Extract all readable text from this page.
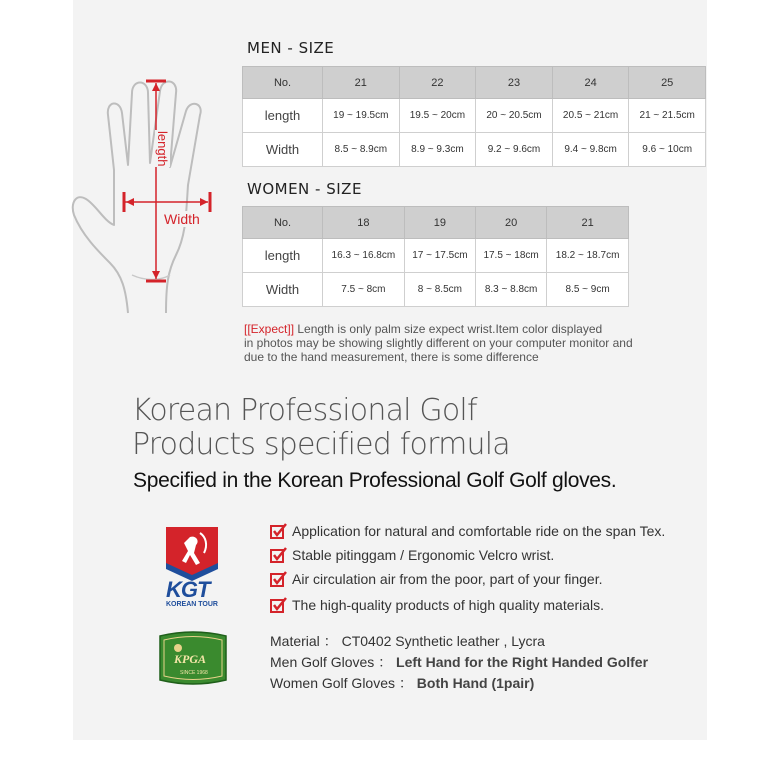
length
Width
MEN - SIZE
No.	21	22	23	24	25
length	19 ~ 19.5cm	19.5 ~ 20cm	20 ~ 20.5cm	20.5 ~ 21cm	21 ~ 21.5cm
Width	8.5 ~ 8.9cm	8.9 ~ 9.3cm	9.2 ~ 9.6cm	9.4 ~ 9.8cm	9.6 ~ 10cm
WOMEN - SIZE
No.	18	19	20	21
length	16.3 ~ 16.8cm	17 ~ 17.5cm	17.5 ~ 18cm	18.2 ~ 18.7cm
Width	7.5 ~ 8cm	8 ~ 8.5cm	8.3 ~ 8.8cm	8.5 ~ 9cm
[[Expect]] Length is only palm size expect wrist.Item color displayed
in photos may be showing slightly different on your computer monitor and
due to the hand measurement, there is some difference
Korean Professional Golf
Products specified formula
Specified in the Korean Professional Golf Golf gloves.
KGT
KOREAN TOUR
KPGA
SINCE 1968
Application for natural and comfortable ride on the span Tex.
Stable pitinggam / Ergonomic Velcro wrist.
Air circulation air from the poor, part of your finger.
The high-quality products of high quality materials.
Material ： CT0402 Synthetic leather , Lycra
Men Golf Gloves ： Left Hand for the Right Handed Golfer
Women Golf Gloves ： Both Hand (1pair)
